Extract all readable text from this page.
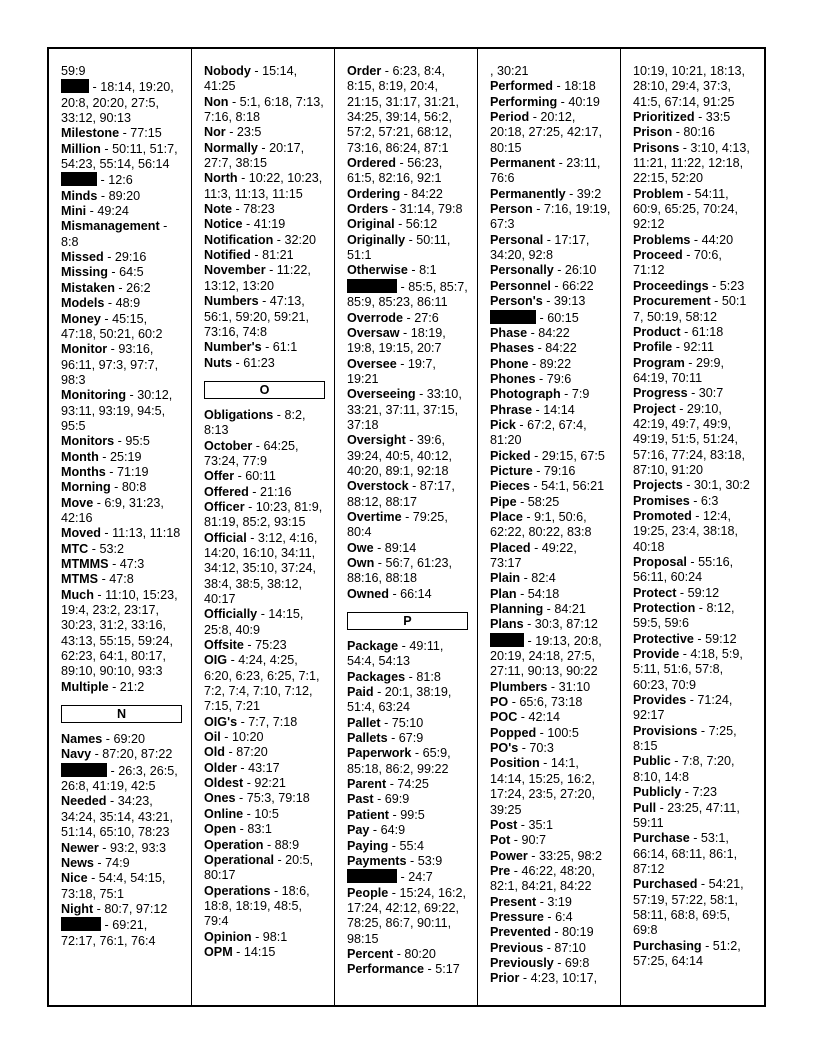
59:9
- 18:14, 19:20, 20:8, 20:20, 27:5, 33:12, 90:13
Milestone - 77:15
Million - 50:11, 51:7, 54:23, 55:14, 56:14
- 12:6
Minds - 89:20
Mini - 49:24
Mismanagement - 8:8
Missed - 29:16
Missing - 64:5
Mistaken - 26:2
Models - 48:9
Money - 45:15, 47:18, 50:21, 60:2
Monitor - 93:16, 96:11, 97:3, 97:7, 98:3
Monitoring - 30:12, 93:11, 93:19, 94:5, 95:5
Monitors - 95:5
Month - 25:19
Months - 71:19
Morning - 80:8
Move - 6:9, 31:23, 42:16
Moved - 11:13, 11:18
MTC - 53:2
MTMMS - 47:3
MTMS - 47:8
Much - 11:10, 15:23, 19:4, 23:2, 23:17, 30:23, 31:2, 33:16, 43:13, 55:15, 59:24, 62:23, 64:1, 80:17, 89:10, 90:10, 93:3
Multiple - 21:2
N
Names - 69:20
Navy - 87:20, 87:22
- 26:3, 26:5, 26:8, 41:19, 42:5
Needed - 34:23, 34:24, 35:14, 43:21, 51:14, 65:10, 78:23
Newer - 93:2, 93:3
News - 74:9
Nice - 54:4, 54:15, 73:18, 75:1
Night - 80:7, 97:12
- 69:21, 72:17, 76:1, 76:4
Nobody - 15:14, 41:25
Non - 5:1, 6:18, 7:13, 7:16, 8:18
Nor - 23:5
Normally - 20:17, 27:7, 38:15
North - 10:22, 10:23, 11:3, 11:13, 11:15
Note - 78:23
Notice - 41:19
Notification - 32:20
Notified - 81:21
November - 11:22, 13:12, 13:20
Numbers - 47:13, 56:1, 59:20, 59:21, 73:16, 74:8
Number's - 61:1
Nuts - 61:23
O
Obligations - 8:2, 8:13
October - 64:25, 73:24, 77:9
Offer - 60:11
Offered - 21:16
Officer - 10:23, 81:9, 81:19, 85:2, 93:15
Official - 3:12, 4:16, 14:20, 16:10, 34:11, 34:12, 35:10, 37:24, 38:4, 38:5, 38:12, 40:17
Officially - 14:15, 25:8, 40:9
Offsite - 75:23
OIG - 4:24, 4:25, 6:20, 6:23, 6:25, 7:1, 7:2, 7:4, 7:10, 7:12, 7:15, 7:21
OIG's - 7:7, 7:18
Oil - 10:20
Old - 87:20
Older - 43:17
Oldest - 92:21
Ones - 75:3, 79:18
Online - 10:5
Open - 83:1
Operation - 88:9
Operational - 20:5, 80:17
Operations - 18:6, 18:8, 18:19, 48:5, 79:4
Opinion - 98:1
OPM - 14:15
Order - 6:23, 8:4, 8:15, 8:19, 20:4, 21:15, 31:17, 31:21, 34:25, 39:14, 56:2, 57:2, 57:21, 68:12, 73:16, 86:24, 87:1
Ordered - 56:23, 61:5, 82:16, 92:1
Ordering - 84:22
Orders - 31:14, 79:8
Original - 56:12
Originally - 50:11, 51:1
Otherwise - 8:1
- 85:5, 85:7, 85:9, 85:23, 86:11
Overrode - 27:6
Oversaw - 18:19, 19:8, 19:15, 20:7
Oversee - 19:7, 19:21
Overseeing - 33:10, 33:21, 37:11, 37:15, 37:18
Oversight - 39:6, 39:24, 40:5, 40:12, 40:20, 89:1, 92:18
Overstock - 87:17, 88:12, 88:17
Overtime - 79:25, 80:4
Owe - 89:14
Own - 56:7, 61:23, 88:16, 88:18
Owned - 66:14
P
Package - 49:11, 54:4, 54:13
Packages - 81:8
Paid - 20:1, 38:19, 51:4, 63:24
Pallet - 75:10
Pallets - 67:9
Paperwork - 65:9, 85:18, 86:2, 99:22
Parent - 74:25
Past - 69:9
Patient - 99:5
Pay - 64:9
Paying - 55:4
Payments - 53:9
- 24:7
People - 15:24, 16:2, 17:24, 42:12, 69:22, 78:25, 86:7, 90:11, 98:15
Percent - 80:20
Performance - 5:17
, 30:21
Performed - 18:18
Performing - 40:19
Period - 20:12, 20:18, 27:25, 42:17, 80:15
Permanent - 23:11, 76:6
Permanently - 39:2
Person - 7:16, 19:19, 67:3
Personal - 17:17, 34:20, 92:8
Personally - 26:10
Personnel - 66:22
Person's - 39:13
- 60:15
Phase - 84:22
Phases - 84:22
Phone - 89:22
Phones - 79:6
Photograph - 7:9
Phrase - 14:14
Pick - 67:2, 67:4, 81:20
Picked - 29:15, 67:5
Picture - 79:16
Pieces - 54:1, 56:21
Pipe - 58:25
Place - 9:1, 50:6, 62:22, 80:22, 83:8
Placed - 49:22, 73:17
Plain - 82:4
Plan - 54:18
Planning - 84:21
Plans - 30:3, 87:12
- 19:13, 20:8, 20:19, 24:18, 27:5, 27:11, 90:13, 90:22
Plumbers - 31:10
PO - 65:6, 73:18
POC - 42:14
Popped - 100:5
PO's - 70:3
Position - 14:1, 14:14, 15:25, 16:2, 17:24, 23:5, 27:20, 39:25
Post - 35:1
Pot - 90:7
Power - 33:25, 98:2
Pre - 46:22, 48:20, 82:1, 84:21, 84:22
Present - 3:19
Pressure - 6:4
Prevented - 80:19
Previous - 87:10
Previously - 69:8
Prior - 4:23, 10:17,
10:19, 10:21, 18:13, 28:10, 29:4, 37:3, 41:5, 67:14, 91:25
Prioritized - 33:5
Prison - 80:16
Prisons - 3:10, 4:13, 11:21, 11:22, 12:18, 22:15, 52:20
Problem - 54:11, 60:9, 65:25, 70:24, 92:12
Problems - 44:20
Proceed - 70:6, 71:12
Proceedings - 5:23
Procurement - 50:1 7, 50:19, 58:12
Product - 61:18
Profile - 92:11
Program - 29:9, 64:19, 70:11
Progress - 30:7
Project - 29:10, 42:19, 49:7, 49:9, 49:19, 51:5, 51:24, 57:16, 77:24, 83:18, 87:10, 91:20
Projects - 30:1, 30:2
Promises - 6:3
Promoted - 12:4, 19:25, 23:4, 38:18, 40:18
Proposal - 55:16, 56:11, 60:24
Protect - 59:12
Protection - 8:12, 59:5, 59:6
Protective - 59:12
Provide - 4:18, 5:9, 5:11, 51:6, 57:8, 60:23, 70:9
Provides - 71:24, 92:17
Provisions - 7:25, 8:15
Public - 7:8, 7:20, 8:10, 14:8
Publicly - 7:23
Pull - 23:25, 47:11, 59:11
Purchase - 53:1, 66:14, 68:11, 86:1, 87:12
Purchased - 54:21, 57:19, 57:22, 58:1, 58:11, 68:8, 69:5, 69:8
Purchasing - 51:2, 57:25, 64:14
